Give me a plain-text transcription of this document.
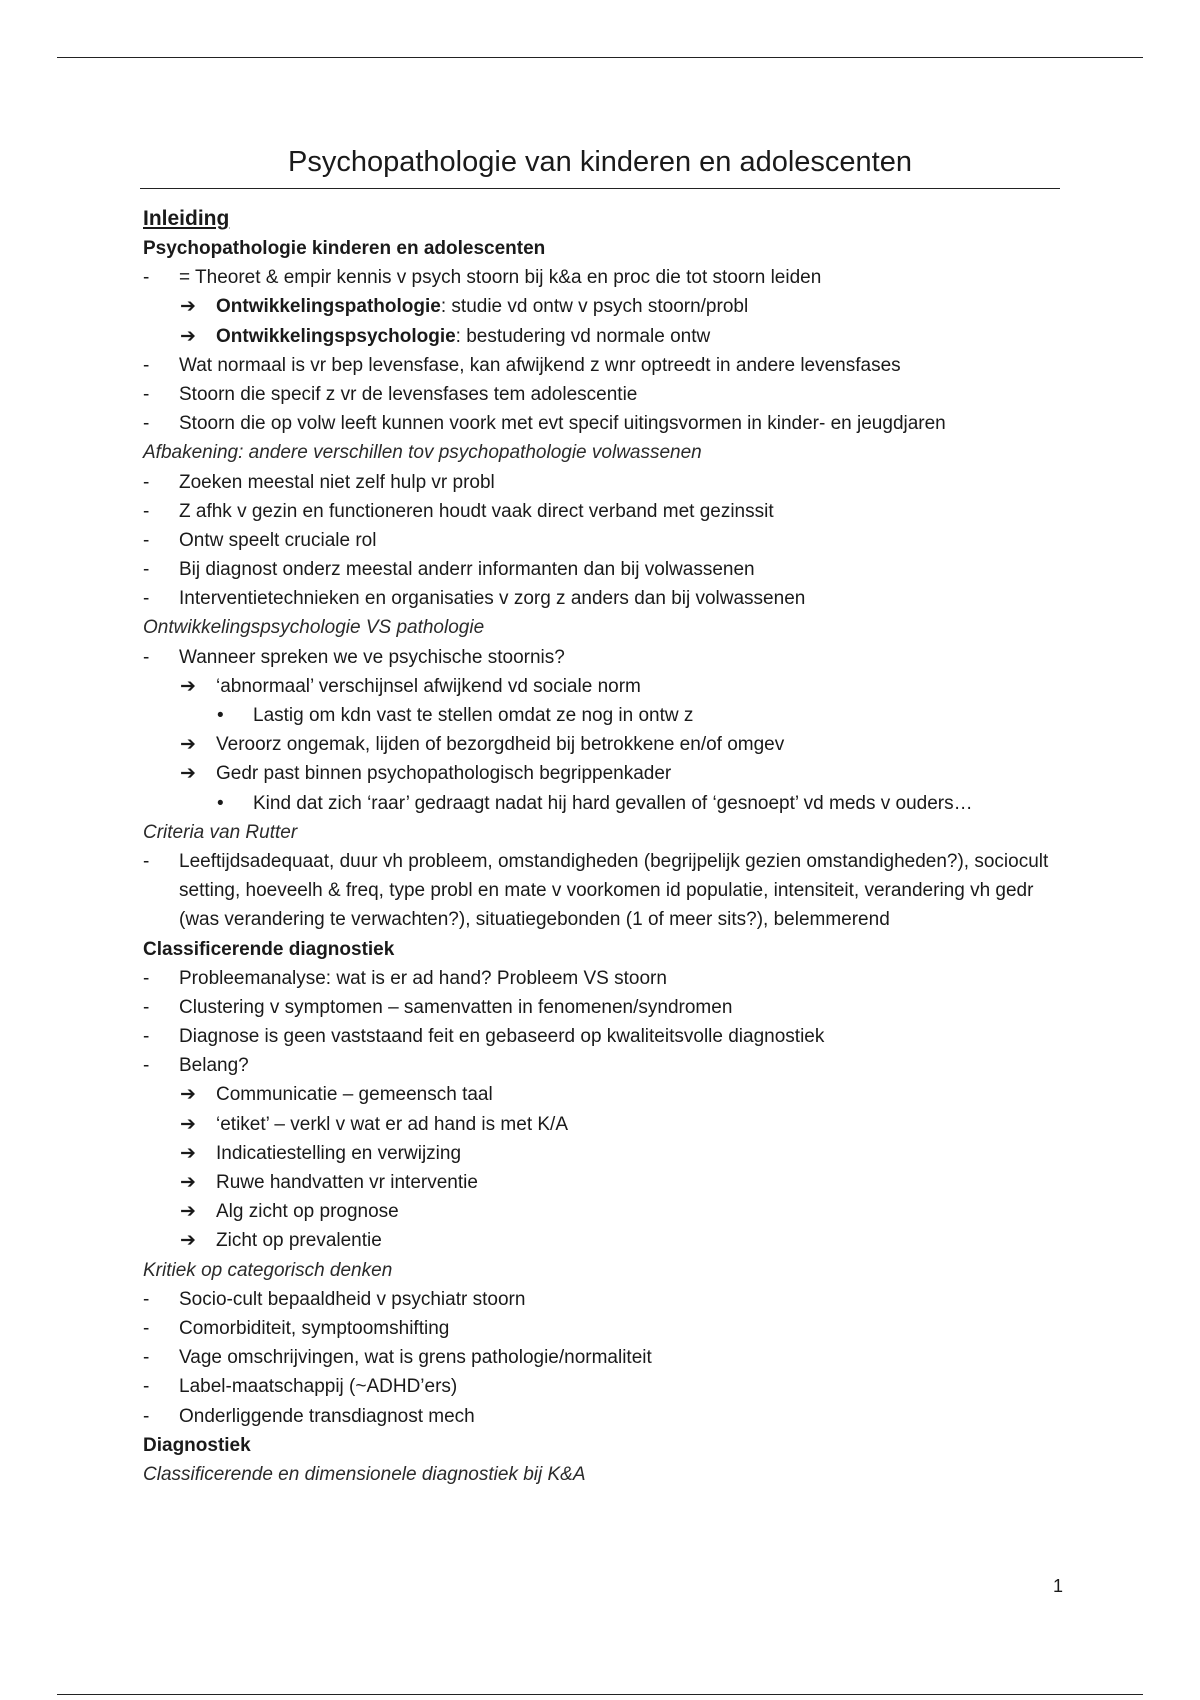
Psychopathologie van kinderen en adolescenten
Inleiding
Psychopathologie kinderen en adolescenten
- = Theoret & empir kennis v psych stoorn bij k&a en proc die tot stoorn leiden
➔ Ontwikkelingspathologie: studie vd ontw v psych stoorn/probl
➔ Ontwikkelingspsychologie: bestudering vd normale ontw
- Wat normaal is vr bep levensfase, kan afwijkend z wnr optreedt in andere levensfases
- Stoorn die specif z vr de levensfases tem adolescentie
- Stoorn die op volw leeft kunnen voork met evt specif uitingsvormen in kinder- en jeugdjaren
Afbakening: andere verschillen tov psychopathologie volwassenen
- Zoeken meestal niet zelf hulp vr probl
- Z afhk v gezin en functioneren houdt vaak direct verband met gezinssit
- Ontw speelt cruciale rol
- Bij diagnost onderz meestal anderr informanten dan bij volwassenen
- Interventietechnieken en organisaties v zorg z anders dan bij volwassenen
Ontwikkelingspsychologie VS pathologie
- Wanneer spreken we ve psychische stoornis?
➔ ‘abnormaal’ verschijnsel afwijkend vd sociale norm
• Lastig om kdn vast te stellen omdat ze nog in ontw z
➔ Veroorz ongemak, lijden of bezorgdheid bij betrokkene en/of omgev
➔ Gedr past binnen psychopathologisch begrippenkader
• Kind dat zich ‘raar’ gedraagt nadat hij hard gevallen of ‘gesnoept’ vd meds v ouders…
Criteria van Rutter
- Leeftijdsadequaat, duur vh probleem, omstandigheden (begrijpelijk gezien omstandigheden?), sociocult setting, hoeveelh & freq, type probl en mate v voorkomen id populatie, intensiteit, verandering vh gedr (was verandering te verwachten?), situatiegebonden (1 of meer sits?), belemmerend
Classificerende diagnostiek
- Probleemanalyse: wat is er ad hand? Probleem VS stoorn
- Clustering v symptomen – samenvatten in fenomenen/syndromen
- Diagnose is geen vaststaand feit en gebaseerd op kwaliteitsvolle diagnostiek
- Belang?
➔ Communicatie – gemeensch taal
➔ ‘etiket’ – verkl v wat er ad hand is met K/A
➔ Indicatiestelling en verwijzing
➔ Ruwe handvatten vr interventie
➔ Alg zicht op prognose
➔ Zicht op prevalentie
Kritiek op categorisch denken
- Socio-cult bepaaldheid v psychiatr stoorn
- Comorbiditeit, symptoomshifting
- Vage omschrijvingen, wat is grens pathologie/normaliteit
- Label-maatschappij (~ADHD’ers)
- Onderliggende transdiagnost mech
Diagnostiek
Classificerende en dimensionele diagnostiek bij K&A
1
